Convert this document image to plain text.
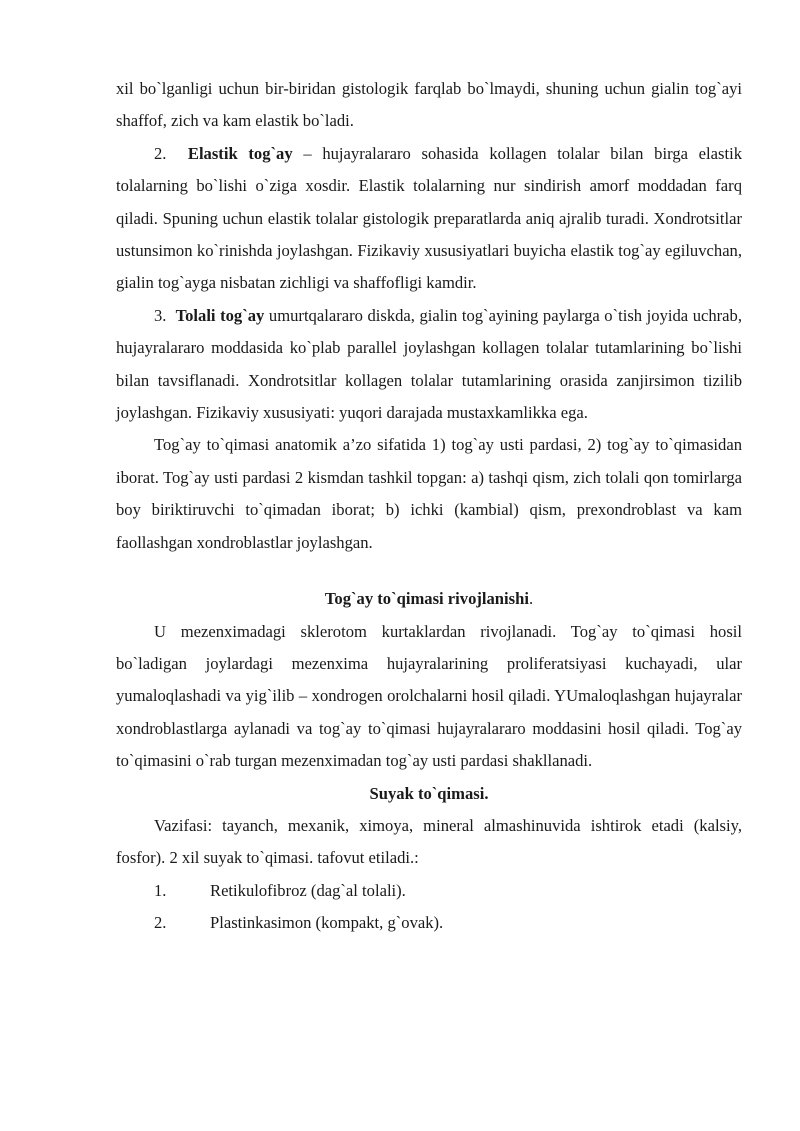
xil bo`lganligi uchun bir-biridan gistologik farqlab bo`lmaydi, shuning uchun gialin tog`ayi shaffof, zich va kam elastik bo`ladi.

2. Elastik tog`ay – hujayralararo sohasida kollagen tolalar bilan birga elastik tolalarning bo`lishi o`ziga xosdir. Elastik tolalarning nur sindirish amorf moddadan farq qiladi. Spuning uchun elastik tolalar gistologik preparatlarda aniq ajralib turadi. Xondrotsitlar ustunsimon ko`rinishda joylashgan. Fizikaviy xususiyatlari buyicha elastik tog`ay egiluvchan, gialin tog`ayga nisbatan zichligi va shaffofligi kamdir.

3. Tolali tog`ay umurtqalararo diskda, gialin tog`ayining paylarga o`tish joyida uchrab, hujayralararo moddasida ko`plab parallel joylashgan kollagen tolalar tutamlarining bo`lishi bilan tavsiflanadi. Xondrotsitlar kollagen tolalar tutamlarining orasida zanjirsimon tizilib joylashgan. Fizikaviy xususiyati: yuqori darajada mustaxkamlikka ega.

Tog`ay to`qimasi anatomik a’zo sifatida 1) tog`ay usti pardasi, 2) tog`ay to`qimasidan iborat. Tog`ay usti pardasi 2 kismdan tashkil topgan: a) tashqi qism, zich tolali qon tomirlarga boy biriktiruvchi to`qimadan iborat; b) ichki (kambial) qism, prexondroblast va kam faollashgan xondroblastlar joylashgan.

Tog`ay to`qimasi rivojlanishi.

U mezenximadagi sklerotom kurtaklardan rivojlanadi. Tog`ay to`qimasi hosil bo`ladigan joylardagi mezenxima hujayralarining proliferatsiyasi kuchayadi, ular yumaloqlashadi va yig`ilib – xondrogen orolchalarni hosil qiladi. YUmaloqlashgan hujayralar xondroblastlarga aylanadi va tog`ay to`qimasi hujayralararo moddasini hosil qiladi. Tog`ay to`qimasini o`rab turgan mezenximadan tog`ay usti pardasi shakllanadi.

Suyak to`qimasi.

Vazifasi: tayanch, mexanik, ximoya, mineral almashinuvida ishtirok etadi (kalsiy, fosfor). 2 xil suyak to`qimasi. tafovut etiladi.:

1.	Retikulofibroz (dag`al tolali).
2.	Plastinkasimon (kompakt, g`ovak).
